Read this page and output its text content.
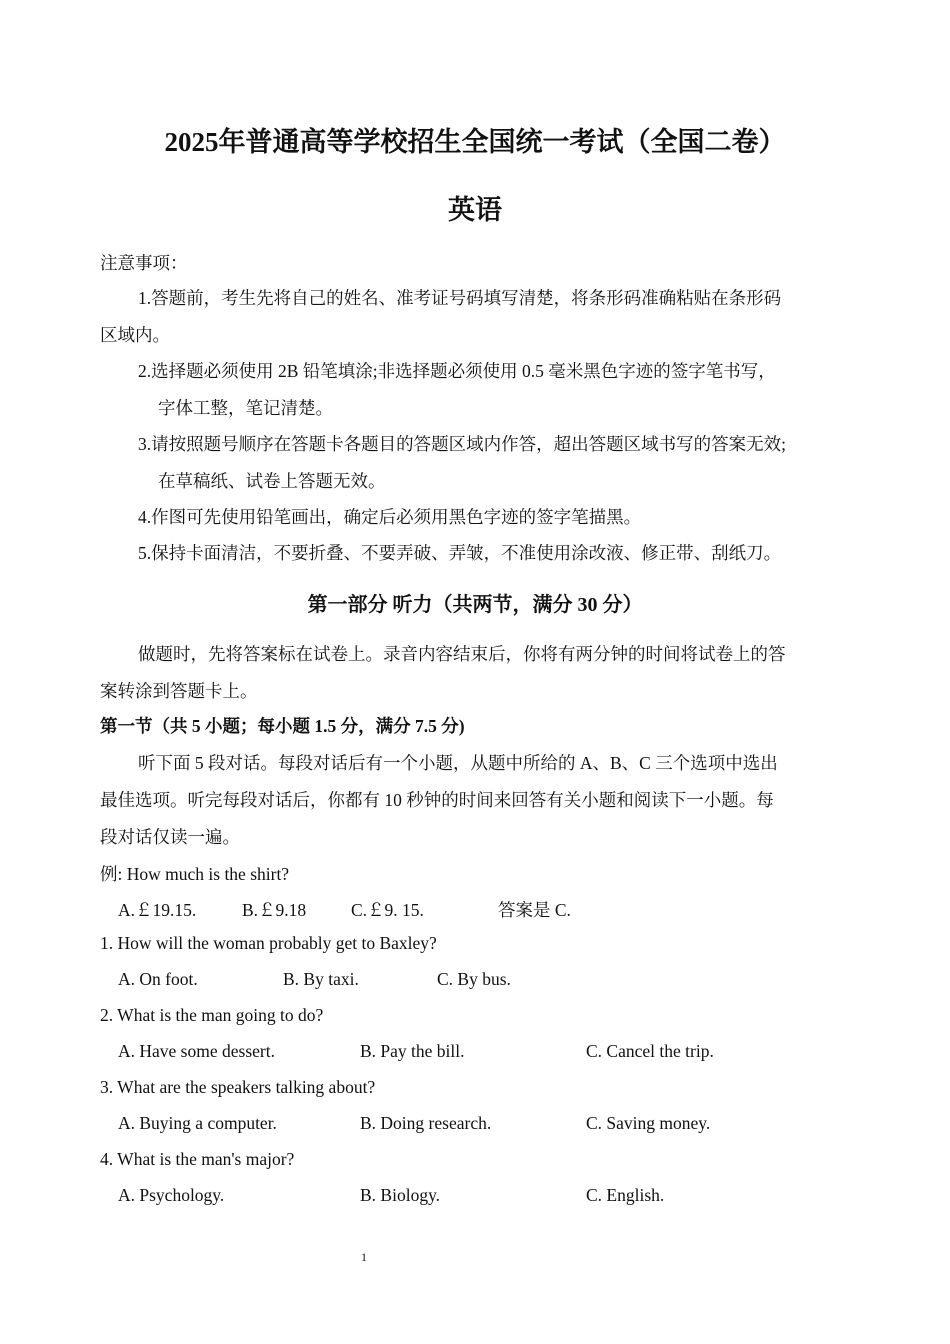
2025年普通高等学校招生全国统一考试（全国二卷）
英语
注意事项：
1.答题前，考生先将自己的姓名、准考证号码填写清楚，将条形码准确粘贴在条形码
区域内。
2.选择题必须使用 2B 铅笔填涂;非选择题必须使用 0.5 毫米黑色字迹的签字笔书写，
字体工整，笔记清楚。
3.请按照题号顺序在答题卡各题目的答题区域内作答，超出答题区域书写的答案无效;
在草稿纸、试卷上答题无效。
4.作图可先使用铅笔画出，确定后必须用黑色字迹的签字笔描黑。
5.保持卡面清洁，不要折叠、不要弄破、弄皱，不准使用涂改液、修正带、刮纸刀。
第一部分 听力（共两节，满分 30 分）
做题时，先将答案标在试卷上。录音内容结束后，你将有两分钟的时间将试卷上的答
案转涂到答题卡上。
第一节（共 5 小题；每小题 1.5 分，满分 7.5 分)
听下面 5 段对话。每段对话后有一个小题，从题中所给的 A、B、C 三个选项中选出
最佳选项。听完每段对话后，你都有 10 秒钟的时间来回答有关小题和阅读下一小题。每
段对话仅读一遍。
例: How much is the shirt?
A.￡19.15.	B.￡9.18	C.￡9. 15.	答案是 C.
1. How will the woman probably get to Baxley?
A. On foot.	B. By taxi.	C. By bus.
2. What is the man going to do?
A. Have some dessert.	B. Pay the bill.	C. Cancel the trip.
3. What are the speakers talking about?
A. Buying a computer.	B. Doing research.	C. Saving money.
4. What is the man's major?
A. Psychology.	B. Biology.	C. English.
1
